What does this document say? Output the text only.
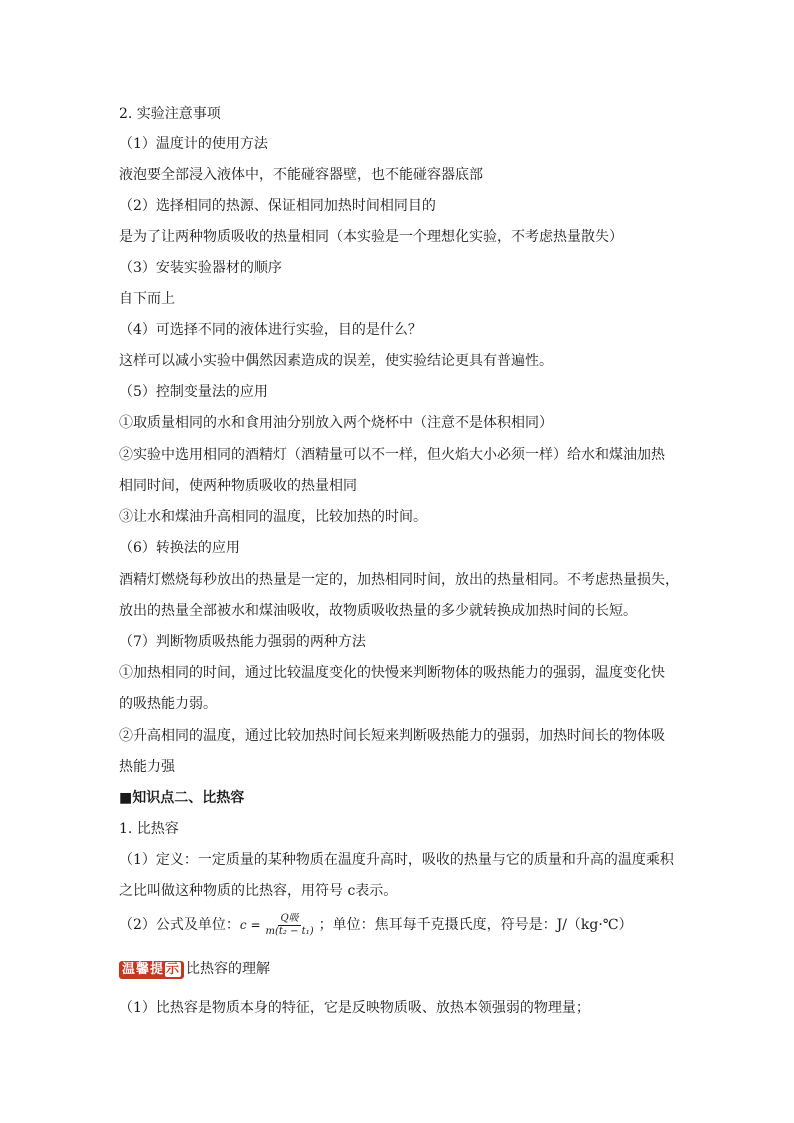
2. 实验注意事项
（1）温度计的使用方法
液泡要全部浸入液体中，不能碰容器壁，也不能碰容器底部
（2）选择相同的热源、保证相同加热时间相同目的
是为了让两种物质吸收的热量相同（本实验是一个理想化实验，不考虑热量散失）
（3）安装实验器材的顺序
自下而上
（4）可选择不同的液体进行实验，目的是什么？
这样可以减小实验中偶然因素造成的误差，使实验结论更具有普遍性。
（5）控制变量法的应用
①取质量相同的水和食用油分别放入两个烧杯中（注意不是体积相同）
②实验中选用相同的酒精灯（酒精量可以不一样，但火焰大小必须一样）给水和煤油加热
相同时间，使两种物质吸收的热量相同
③让水和煤油升高相同的温度，比较加热的时间。
（6）转换法的应用
酒精灯燃烧每秒放出的热量是一定的，加热相同时间，放出的热量相同。不考虑热量损失，
放出的热量全部被水和煤油吸收，故物质吸收热量的多少就转换成加热时间的长短。
（7）判断物质吸热能力强弱的两种方法
①加热相同的时间，通过比较温度变化的快慢来判断物体的吸热能力的强弱，温度变化快
的吸热能力弱。
②升高相同的温度，通过比较加热时间长短来判断吸热能力的强弱，加热时间长的物体吸
热能力强
■知识点二、比热容
1. 比热容
（1）定义：一定质量的某种物质在温度升高时，吸收的热量与它的质量和升高的温度乘积
之比叫做这种物质的比热容，用符号 c表示。
（2）公式及单位： $c = \frac{\text{Q吸}}{\text{m(t₂ − t₁)}}$ ；单位：焦耳每千克摄氏度，符号是：J/（kg·℃）
温馨提 示 比热容的理解
（1）比热容是物质本身的特征，它是反映物质吸、放热本领强弱的物理量；
